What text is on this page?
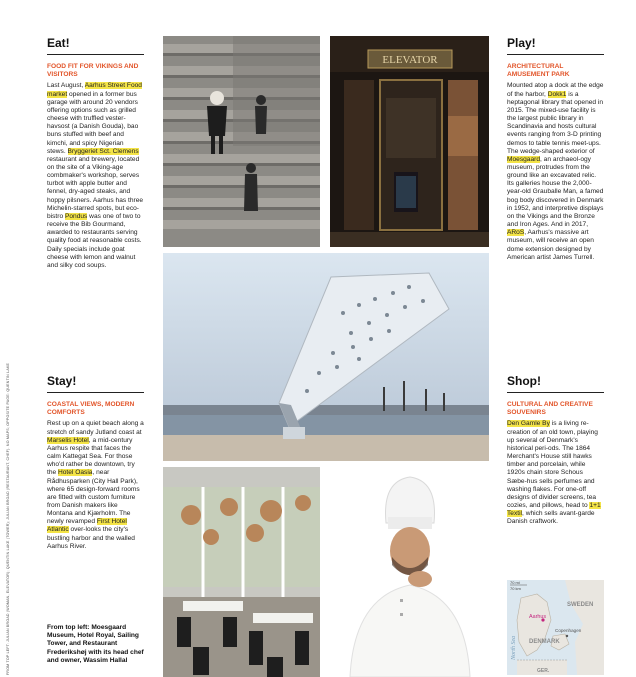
FROM TOP LEFT: JULIAN BROAD (WOMAN, ELEVATOR); QUENTIN LAKE (TOWER); JULIAN BROAD (RESTAURANT, CHEF). NO MAPS; OPPOSITE PAGE: QUENTIN LAKE
Eat!
FOOD FIT FOR VIKINGS AND VISITORS
Last August, Aarhus Street Food market opened in a former bus garage with around 20 vendors offering options such as grilled cheese with truffled vester-havsost (a Danish Gouda), bao buns stuffed with beef and kimchi, and spicy Nigerian stews. Bryggeriet Sct. Clemens restaurant and brewery, located on the site of a Viking-age combmaker's workshop, serves turbot with apple butter and fennel, dry-aged steaks, and hoppy pilsners. Aarhus has three Michelin-starred spots, but eco-bistro Pondus was one of two to receive the Bib Gourmand, awarded to restaurants serving quality food at reasonable costs. Daily specials include goat cheese with lemon and walnut and silky cod soups.
Stay!
COASTAL VIEWS, MODERN COMFORTS
Rest up on a quiet beach along a stretch of sandy Jutland coast at Marselis Hotel, a mid-century Aarhus respite that faces the calm Kattegat Sea. For those who'd rather be downtown, try the Hotel Oasia, near Rådhusparken (City Hall Park), where 65 design-forward rooms are fitted with custom furniture from Danish makers like Montana and Kjærholm. The newly revamped First Hotel Atlantic over-looks the city's bustling harbor and the walled Aarhus River.
From top left: Moesgaard Museum, Hotel Royal, Sailing Tower, and Restaurant Frederikshøj with its head chef and owner, Wassim Hallal
ELEVATOR
Play!
ARCHITECTURAL AMUSEMENT PARK
Mounted atop a dock at the edge of the harbor, Dokk1 is a heptagonal library that opened in 2015. The mixed-use facility is the largest public library in Scandinavia and hosts cultural events ranging from 3-D printing demos to table tennis meet-ups. The wedge-shaped exterior of Moesgaard, an archaeol-ogy museum, protrudes from the ground like an excavated relic. Its galleries house the 2,000-year-old Grauballe Man, a famed bog body discovered in Denmark in 1952, and interpretive displays on the Vikings and the Bronze and Iron Ages. And in 2017, ARoS, Aarhus's massive art museum, will receive an open dome extension designed by American artist James Turrell.
Shop!
CULTURAL AND CREATIVE SOUVENIRS
Den Gamle By is a living re-creation of an old town, playing up several of Denmark's historical peri-ods. The 1864 Merchant's House still hawks timber and porcelain, while 1920s chain store Schous Sæbe-hus sells perfumes and washing flakes. For one-off designs of divider screens, tea cozies, and pillows, head to 1+1 Textil, which sells avant-garde Danish craftwork.
70 mi
70 km
North Sea
Aarhus
Copenhagen
SWEDEN
DENMARK
GER.
